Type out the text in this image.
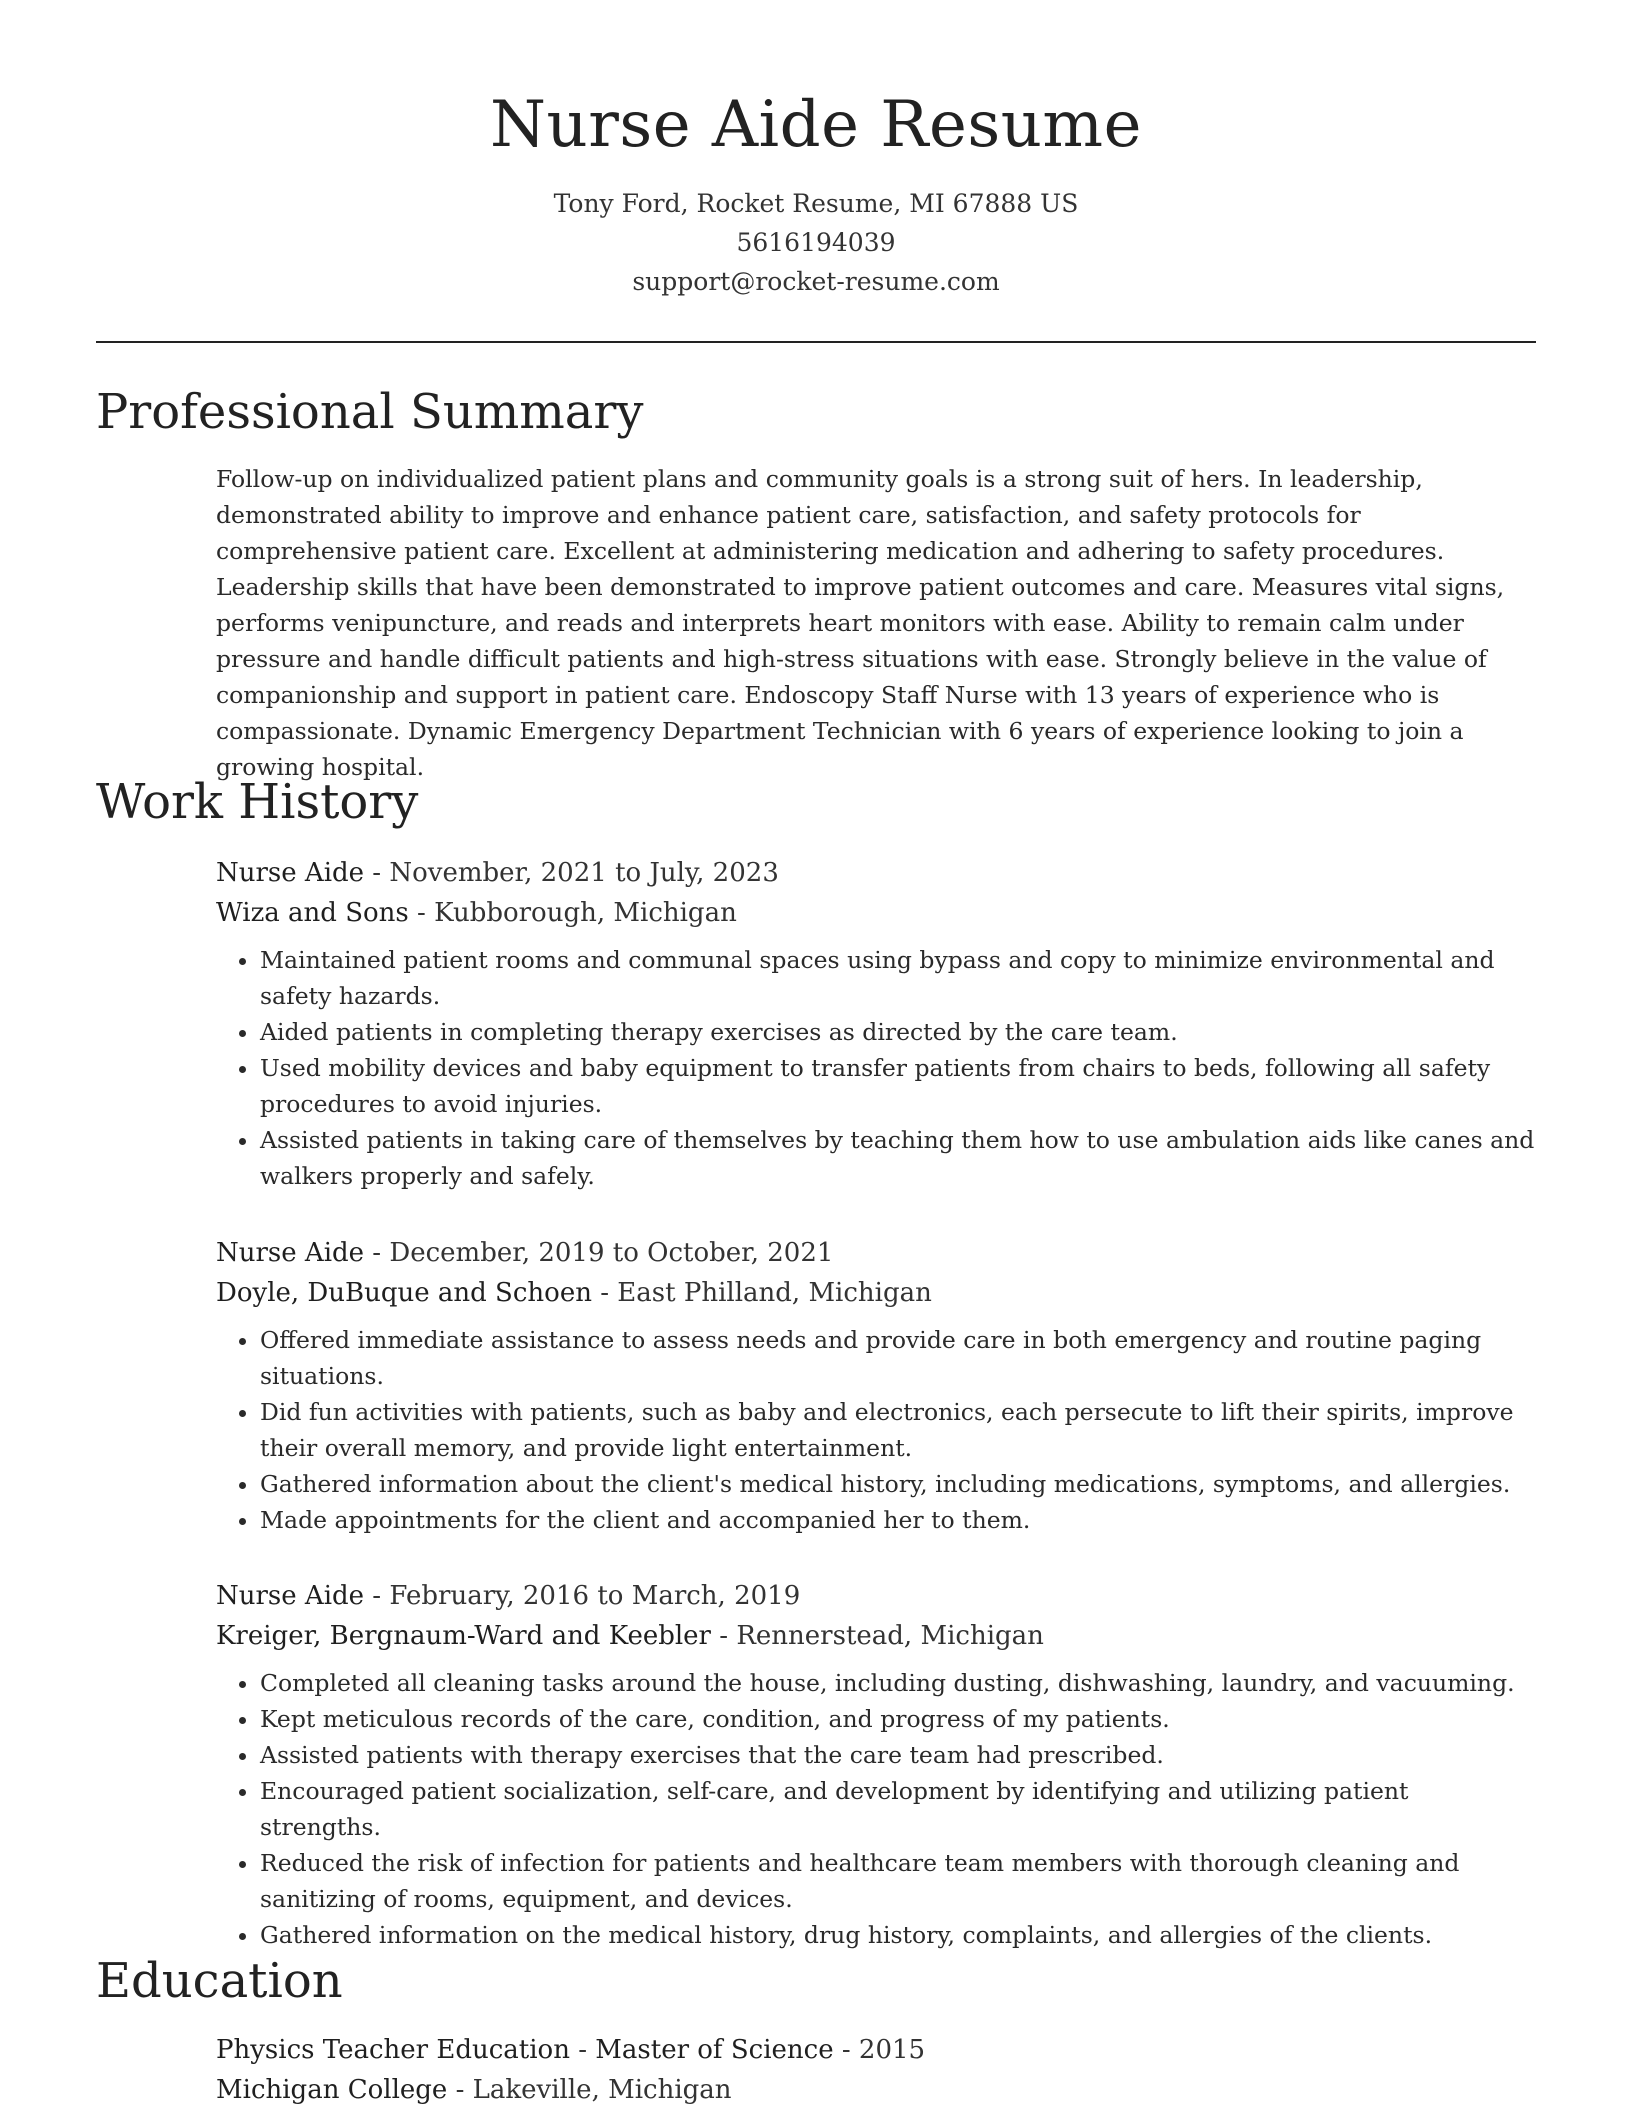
Nurse Aide Resume
Tony Ford, Rocket Resume, MI 67888 US
5616194039
support@rocket-resume.com
Professional Summary

Follow-up on individualized patient plans and community goals is a strong suit of hers. In leadership, demonstrated ability to improve and enhance patient care, satisfaction, and safety protocols for comprehensive patient care. Excellent at administering medication and adhering to safety procedures. Leadership skills that have been demonstrated to improve patient outcomes and care. Measures vital signs, performs venipuncture, and reads and interprets heart monitors with ease. Ability to remain calm under pressure and handle difficult patients and high-stress situations with ease. Strongly believe in the value of companionship and support in patient care. Endoscopy Staff Nurse with 13 years of experience who is compassionate. Dynamic Emergency Department Technician with 6 years of experience looking to join a growing hospital.

Work History
Nurse Aide - November, 2021 to July, 2023
Wiza and Sons - Kubborough, Michigan
• Maintained patient rooms and communal spaces using bypass and copy to minimize environmental and safety hazards.
• Aided patients in completing therapy exercises as directed by the care team.
• Used mobility devices and baby equipment to transfer patients from chairs to beds, following all safety procedures to avoid injuries.
• Assisted patients in taking care of themselves by teaching them how to use ambulation aids like canes and walkers properly and safely.
Nurse Aide - December, 2019 to October, 2021
Doyle, DuBuque and Schoen - East Philland, Michigan
• Offered immediate assistance to assess needs and provide care in both emergency and routine paging situations.
• Did fun activities with patients, such as baby and electronics, each persecute to lift their spirits, improve their overall memory, and provide light entertainment.
• Gathered information about the client's medical history, including medications, symptoms, and allergies.
• Made appointments for the client and accompanied her to them.
Nurse Aide - February, 2016 to March, 2019
Kreiger, Bergnaum-Ward and Keebler - Rennerstead, Michigan
• Completed all cleaning tasks around the house, including dusting, dishwashing, laundry, and vacuuming.
• Kept meticulous records of the care, condition, and progress of my patients.
• Assisted patients with therapy exercises that the care team had prescribed.
• Encouraged patient socialization, self-care, and development by identifying and utilizing patient strengths.
• Reduced the risk of infection for patients and healthcare team members with thorough cleaning and sanitizing of rooms, equipment, and devices.
• Gathered information on the medical history, drug history, complaints, and allergies of the clients.
Education
Physics Teacher Education - Master of Science - 2015
Michigan College - Lakeville, Michigan
